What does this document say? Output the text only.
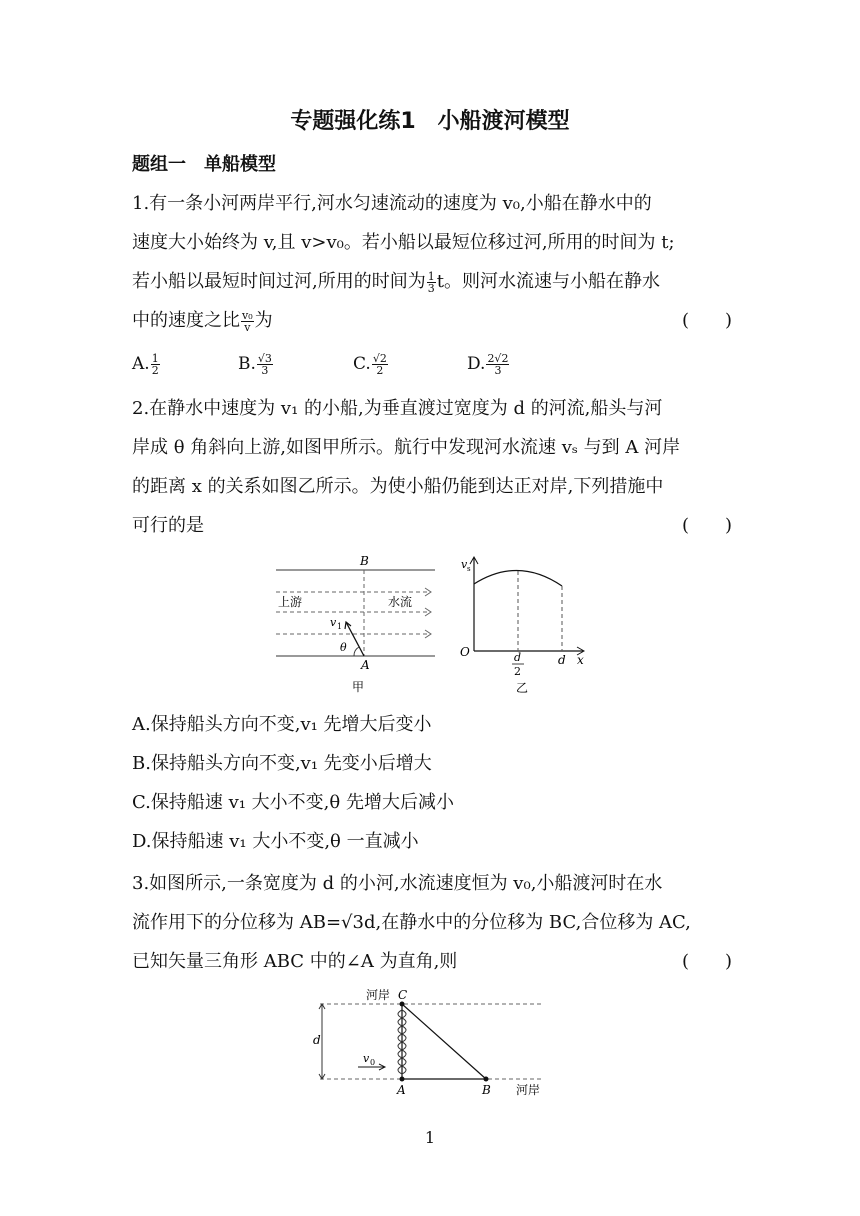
专题强化练1　小船渡河模型
题组一　单船模型
1.有一条小河两岸平行,河水匀速流动的速度为 v₀,小船在静水中的
速度大小始终为 v,且 v>v₀。若小船以最短位移过河,所用的时间为 t;
若小船以最短时间过河,所用的时间为 $\frac{1}{3}$ t。则河水流速与小船在静水
中的速度之比 $\frac{\text{v₀}}{v}$ 为	(　　)
A. $\frac{1}{2}$	B. $\frac{√3}{3}$	C. $\frac{√2}{2}$	D. $\frac{2√2}{3}$
2.在静水中速度为 v₁ 的小船,为垂直渡过宽度为 d 的河流,船头与河
岸成 θ 角斜向上游,如图甲所示。航行中发现河水流速 vₛ 与到 A 河岸
的距离 x 的关系如图乙所示。为使小船仍能到达正对岸,下列措施中
可行的是	(　　)
B
上游	水流
v 1
θ
A
甲
v s
O	d
2
d x
乙
A.保持船头方向不变,v₁ 先增大后变小
B.保持船头方向不变,v₁ 先变小后增大
C.保持船速 v₁ 大小不变,θ 先增大后减小
D.保持船速 v₁ 大小不变,θ 一直减小
3.如图所示,一条宽度为 d 的小河,水流速度恒为 v₀,小船渡河时在水
流作用下的分位移为 AB=√3d,在静水中的分位移为 BC,合位移为 AC,
已知矢量三角形 ABC 中的∠A 为直角,则	(　　)
河岸 C
d
v 0
A	B 河岸
1
